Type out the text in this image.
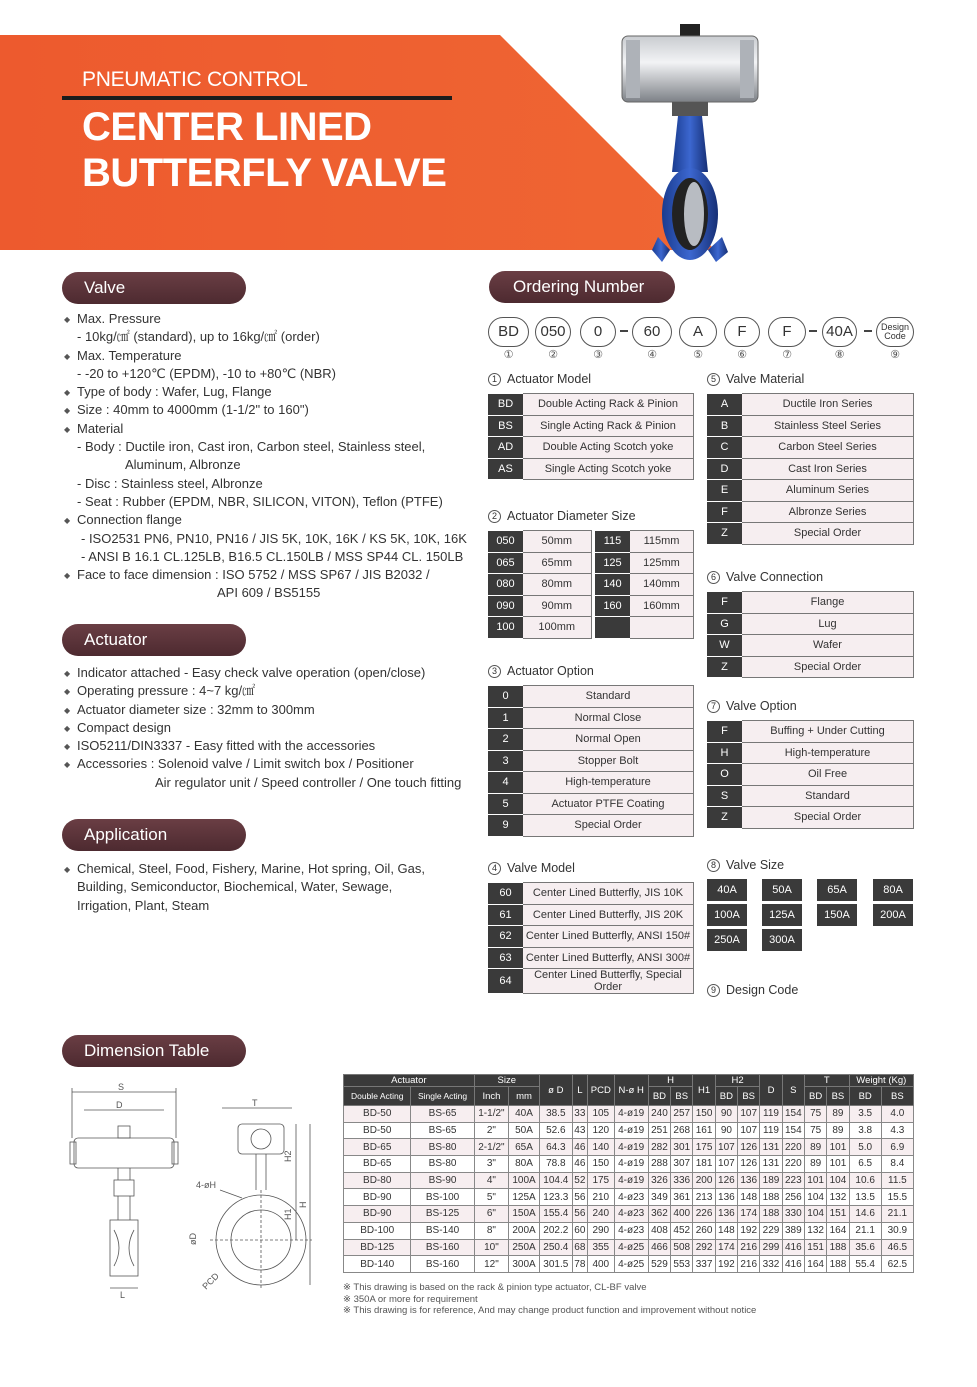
PNEUMATIC CONTROL
CENTER LINED
BUTTERFLY VALVE
Valve
◆ Max. Pressure
- 10kg/㎠ (standard), up to 16kg/㎠ (order)
◆ Max. Temperature
- -20 to +120℃ (EPDM), -10 to +80℃ (NBR)
◆ Type of body : Wafer, Lug, Flange
◆ Size : 40mm to 4000mm (1-1/2" to 160")
◆ Material
- Body : Ductile iron, Cast iron, Carbon steel, Stainless steel,
Aluminum, Albronze
- Disc : Stainless steel, Albronze
- Seat : Rubber (EPDM, NBR, SILICON, VITON), Teflon (PTFE)
◆ Connection flange
- ISO2531 PN6, PN10, PN16 / JIS 5K, 10K, 16K / KS 5K, 10K, 16K
- ANSI B 16.1 CL.125LB, B16.5 CL.150LB / MSS SP44 CL. 150LB
◆ Face to face dimension : ISO 5752 / MSS SP67 / JIS B2032 /
API 609 / BS5155
Actuator
◆ Indicator attached - Easy check valve operation (open/close)
◆ Operating pressure : 4~7 kg/㎠
◆ Actuator diameter size : 32mm to 300mm
◆ Compact design
◆ ISO5211/DIN3337 - Easy fitted with the accessories
◆ Accessories : Solenoid valve / Limit switch box / Positioner
Air regulator unit / Speed controller / One touch fitting
Application
◆ Chemical, Steel, Food, Fishery, Marine, Hot spring, Oil, Gas,
Building, Semiconductor, Biochemical, Water, Sewage,
Irrigation, Plant, Steam
Ordering Number
BD
①
050
②
0
③
60
④
A
⑤
F
⑥
F
⑦
40A
⑧
Design Code
⑨
1 Actuator Model
BD	Double Acting Rack & Pinion
BS	Single Acting Rack & Pinion
AD	Double Acting Scotch yoke
AS	Single Acting Scotch yoke
2 Actuator Diameter Size
050	50mm		115	115mm
065	65mm		125	125mm
080	80mm		140	140mm
090	90mm		160	160mm
100	100mm			
3 Actuator Option
0	Standard
1	Normal Close
2	Normal Open
3	Stopper Bolt
4	High-temperature
5	Actuator PTFE Coating
9	Special Order
4 Valve Model
60	Center Lined Butterfly, JIS 10K
61	Center Lined Butterfly, JIS 20K
62	Center Lined Butterfly, ANSI 150#
63	Center Lined Butterfly, ANSI 300#
64	Center Lined Butterfly, Special Order
5 Valve Material
A	Ductile Iron Series
B	Stainless Steel Series
C	Carbon Steel Series
D	Cast Iron Series
E	Aluminum Series
F	Albronze Series
Z	Special Order
6 Valve Connection
F	Flange
G	Lug
W	Wafer
Z	Special Order
7 Valve Option
F	Buffing + Under Cutting
H	High-temperature
O	Oil Free
S	Standard
Z	Special Order
8 Valve Size
40A	50A	65A	80A
100A	125A	150A	200A
250A	300A
9 Design Code
Dimension Table
S
D
L
T
4-øH
øD
PCD
H2
H
H1
Actuator		Size		ø D	L	PCD	N-ø H	H		H1	H2		D	S	T		Weight (Kg)	
Double Acting	Single Acting	Inch	mm					BD	BS		BD	BS			BD	BS	BD	BS
BD-50	BS-65	1-1/2"	40A	38.5	33	105	4-ø19	240	257	150	90	107	119	154	75	89	3.5	4.0
BD-50	BS-65	2"	50A	52.6	43	120	4-ø19	251	268	161	90	107	119	154	75	89	3.8	4.3
BD-65	BS-80	2-1/2"	65A	64.3	46	140	4-ø19	282	301	175	107	126	131	220	89	101	5.0	6.9
BD-65	BS-80	3"	80A	78.8	46	150	4-ø19	288	307	181	107	126	131	220	89	101	6.5	8.4
BD-80	BS-90	4"	100A	104.4	52	175	4-ø19	326	336	200	126	136	189	223	101	104	10.6	11.5
BD-90	BS-100	5"	125A	123.3	56	210	4-ø23	349	361	213	136	148	188	256	104	132	13.5	15.5
BD-90	BS-125	6"	150A	155.4	56	240	4-ø23	362	400	226	136	174	188	330	104	151	14.6	21.1
BD-100	BS-140	8"	200A	202.2	60	290	4-ø23	408	452	260	148	192	229	389	132	164	21.1	30.9
BD-125	BS-160	10"	250A	250.4	68	355	4-ø25	466	508	292	174	216	299	416	151	188	35.6	46.5
BD-140	BS-160	12"	300A	301.5	78	400	4-ø25	529	553	337	192	216	332	416	164	188	55.4	62.5
※ This drawing is based on the rack & pinion type actuator, CL-BF valve
※ 350A or more for requirement
※ This drawing is for reference, And may change product function and improvement without notice
